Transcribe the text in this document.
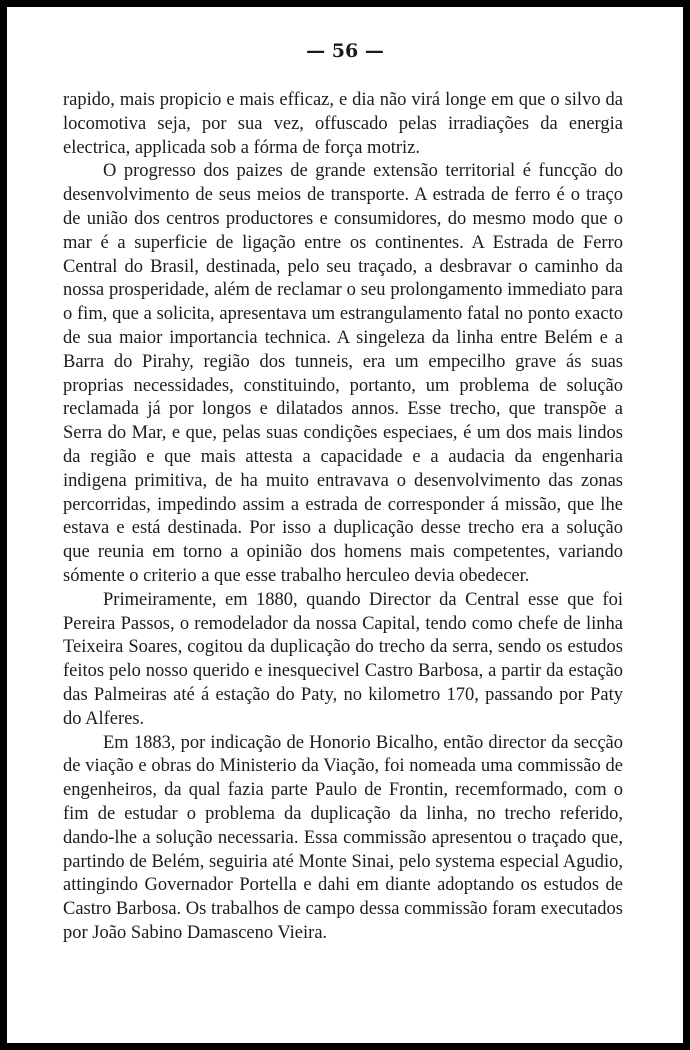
— 56 —

rapido, mais propicio e mais efficaz, e dia não virá longe em que o silvo da locomotiva seja, por sua vez, offuscado pelas irradiações da energia electrica, applicada sob a fórma de força motriz.

O progresso dos paizes de grande extensão territorial é funcção do desenvolvimento de seus meios de transporte. A estrada de ferro é o traço de união dos centros productores e consumidores, do mesmo modo que o mar é a superficie de ligação entre os continentes. A Estrada de Ferro Central do Brasil, destinada, pelo seu traçado, a desbravar o caminho da nossa prosperidade, além de reclamar o seu prolongamento immediato para o fim, que a solicita, apresentava um estrangulamento fatal no ponto exacto de sua maior importancia technica. A singeleza da linha entre Belém e a Barra do Pirahy, região dos tunneis, era um empecilho grave ás suas proprias necessidades, constituindo, portanto, um problema de solução reclamada já por longos e dilatados annos. Esse trecho, que transpõe a Serra do Mar, e que, pelas suas condições especiaes, é um dos mais lindos da região e que mais attesta a capacidade e a audacia da engenharia indigena primitiva, de ha muito entravava o desenvolvimento das zonas percorridas, impedindo assim a estrada de corresponder á missão, que lhe estava e está destinada. Por isso a duplicação desse trecho era a solução que reunia em torno a opinião dos homens mais competentes, variando sómente o criterio a que esse trabalho herculeo devia obedecer.

Primeiramente, em 1880, quando Director da Central esse que foi Pereira Passos, o remodelador da nossa Capital, tendo como chefe de linha Teixeira Soares, cogitou da duplicação do trecho da serra, sendo os estudos feitos pelo nosso querido e inesquecivel Castro Barbosa, a partir da estação das Palmeiras até á estação do Paty, no kilometro 170, passando por Paty do Alferes.

Em 1883, por indicação de Honorio Bicalho, então director da secção de viação e obras do Ministerio da Viação, foi nomeada uma commissão de engenheiros, da qual fazia parte Paulo de Frontin, recemformado, com o fim de estudar o problema da duplicação da linha, no trecho referido, dando-lhe a solução necessaria. Essa commissão apresentou o traçado que, partindo de Belém, seguiria até Monte Sinai, pelo systema especial Agudio, attingindo Governador Portella e dahi em diante adoptando os estudos de Castro Barbosa. Os trabalhos de campo dessa commissão foram executados por João Sabino Damasceno Vieira.
